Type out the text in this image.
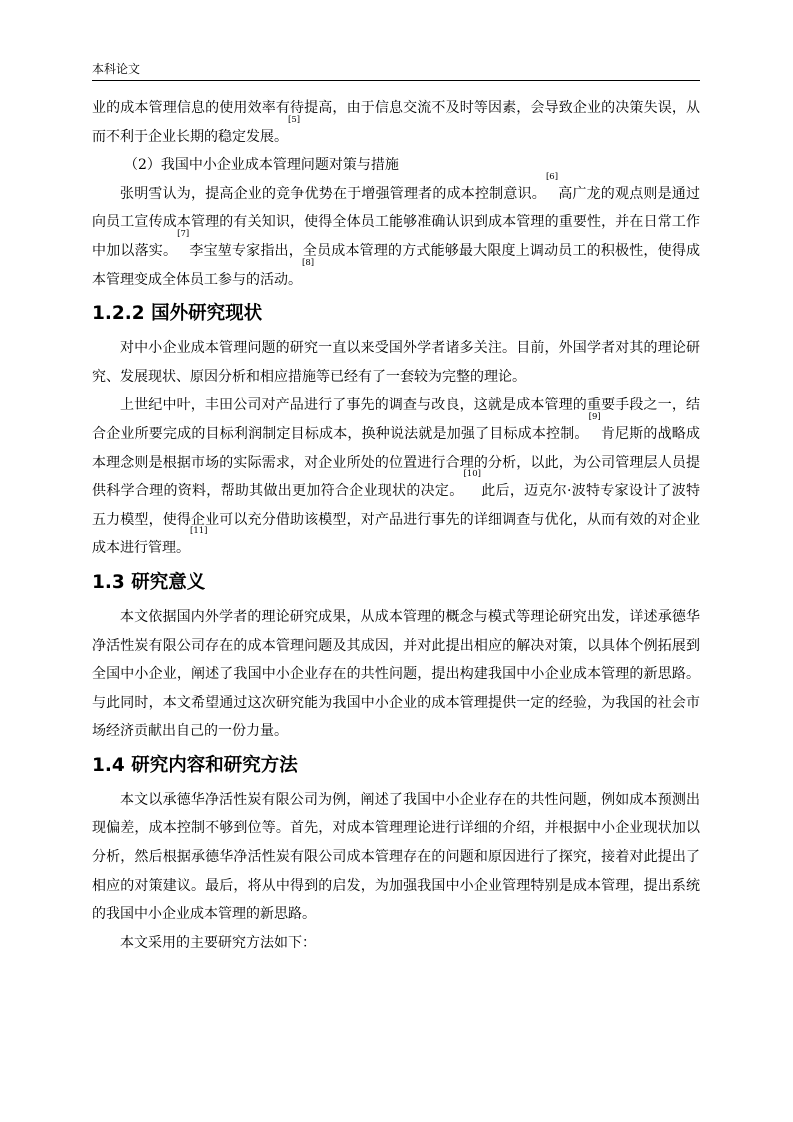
本科论文

业的成本管理信息的使用效率有待提高，由于信息交流不及时等因素，会导致企业的决策失误，从而不利于企业长期的稳定发展。[5]

（2）我国中小企业成本管理问题对策与措施

张明雪认为，提高企业的竞争优势在于增强管理者的成本控制意识。[6]高广龙的观点则是通过向员工宣传成本管理的有关知识，使得全体员工能够准确认识到成本管理的重要性，并在日常工作中加以落实。[7]李宝堃专家指出，全员成本管理的方式能够最大限度上调动员工的积极性，使得成本管理变成全体员工参与的活动。[8]

1.2.2 国外研究现状

对中小企业成本管理问题的研究一直以来受国外学者诸多关注。目前，外国学者对其的理论研究、发展现状、原因分析和相应措施等已经有了一套较为完整的理论。

上世纪中叶，丰田公司对产品进行了事先的调查与改良，这就是成本管理的重要手段之一，结合企业所要完成的目标利润制定目标成本，换种说法就是加强了目标成本控制。[9]肯尼斯的战略成本理念则是根据市场的实际需求，对企业所处的位置进行合理的分析，以此，为公司管理层人员提供科学合理的资料，帮助其做出更加符合企业现状的决定。[10]此后，迈克尔·波特专家设计了波特五力模型，使得企业可以充分借助该模型，对产品进行事先的详细调查与优化，从而有效的对企业成本进行管理。[11]

1.3 研究意义

本文依据国内外学者的理论研究成果，从成本管理的概念与模式等理论研究出发，详述承德华净活性炭有限公司存在的成本管理问题及其成因，并对此提出相应的解决对策，以具体个例拓展到全国中小企业，阐述了我国中小企业存在的共性问题，提出构建我国中小企业成本管理的新思路。与此同时，本文希望通过这次研究能为我国中小企业的成本管理提供一定的经验，为我国的社会市场经济贡献出自己的一份力量。

1.4 研究内容和研究方法

本文以承德华净活性炭有限公司为例，阐述了我国中小企业存在的共性问题，例如成本预测出现偏差，成本控制不够到位等。首先，对成本管理理论进行详细的介绍，并根据中小企业现状加以分析，然后根据承德华净活性炭有限公司成本管理存在的问题和原因进行了探究，接着对此提出了相应的对策建议。最后，将从中得到的启发，为加强我国中小企业管理特别是成本管理，提出系统的我国中小企业成本管理的新思路。

本文采用的主要研究方法如下：
